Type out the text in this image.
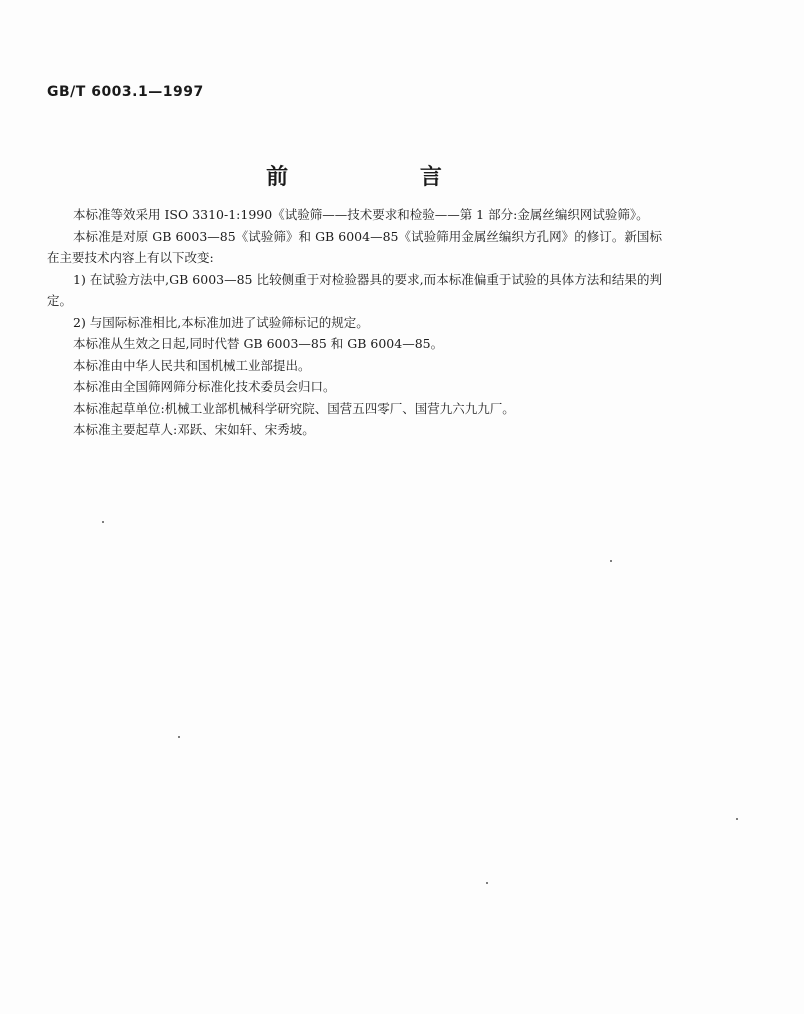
GB/T 6003.1—1997
前 言

本标准等效采用 ISO 3310-1:1990《试验筛——技术要求和检验——第 1 部分:金属丝编织网试验筛》。

本标准是对原 GB 6003—85《试验筛》和 GB 6004—85《试验筛用金属丝编织方孔网》的修订。新国标在主要技术内容上有以下改变:

1) 在试验方法中,GB 6003—85 比较侧重于对检验器具的要求,而本标准偏重于试验的具体方法和结果的判定。

2) 与国际标准相比,本标准加进了试验筛标记的规定。

本标准从生效之日起,同时代替 GB 6003—85 和 GB 6004—85。

本标准由中华人民共和国机械工业部提出。

本标准由全国筛网筛分标准化技术委员会归口。

本标准起草单位:机械工业部机械科学研究院、国营五四零厂、国营九六九九厂。

本标准主要起草人:邓跃、宋如轩、宋秀坡。
